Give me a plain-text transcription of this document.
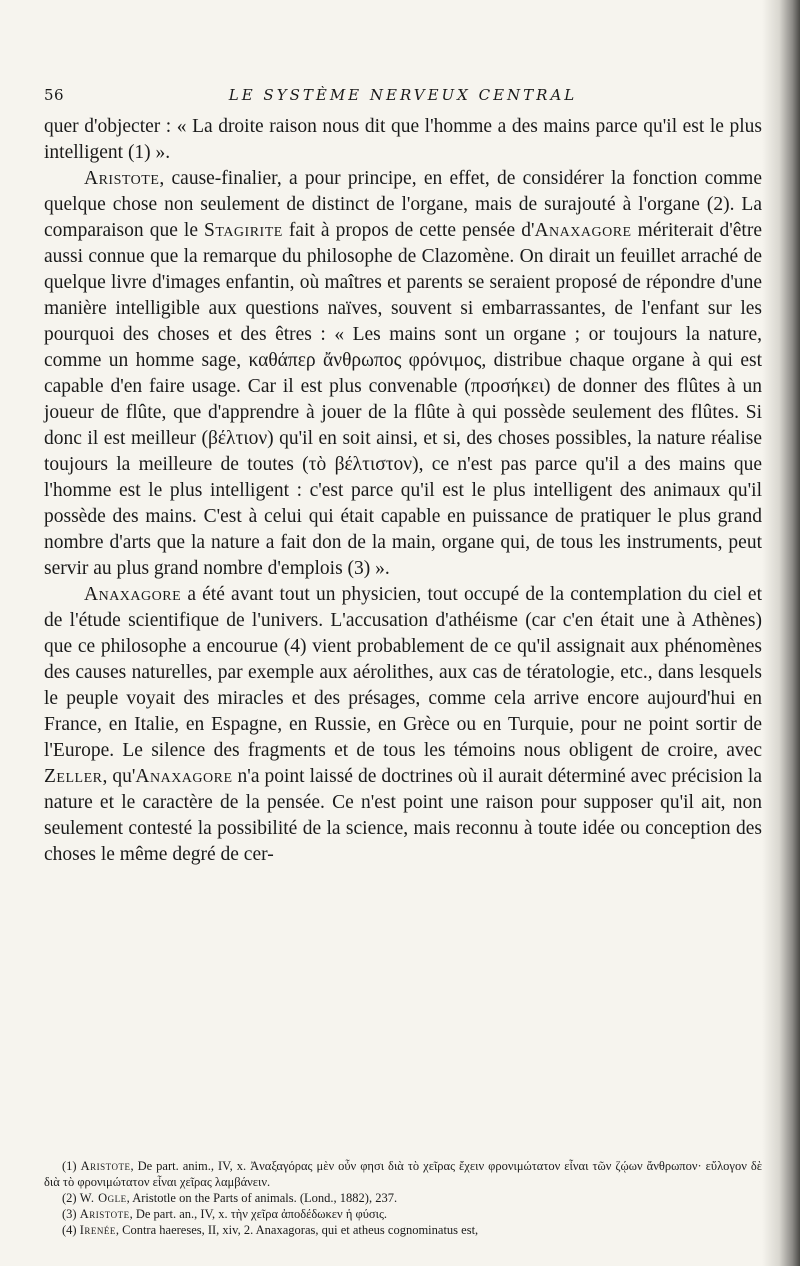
56	LE SYSTÈME NERVEUX CENTRAL

quer d'objecter : « La droite raison nous dit que l'homme a des mains parce qu'il est le plus intelligent (1) ».

Aristote, cause-finalier, a pour principe, en effet, de considérer la fonction comme quelque chose non seulement de distinct de l'organe, mais de surajouté à l'organe (2). La comparaison que le Stagirite fait à propos de cette pensée d'Anaxagore mériterait d'être aussi connue que la remarque du philosophe de Clazomène. On dirait un feuillet arraché de quelque livre d'images enfantin, où maîtres et parents se seraient proposé de répondre d'une manière intelligible aux questions naïves, souvent si embarrassantes, de l'enfant sur les pourquoi des choses et des êtres : « Les mains sont un organe ; or toujours la nature, comme un homme sage, καθάπερ ἄνθρωπος φρόνιμος, distribue chaque organe à qui est capable d'en faire usage. Car il est plus convenable (προσήκει) de donner des flûtes à un joueur de flûte, que d'apprendre à jouer de la flûte à qui possède seulement des flûtes. Si donc il est meilleur (βέλτιον) qu'il en soit ainsi, et si, des choses possibles, la nature réalise toujours la meilleure de toutes (τὸ βέλτιστον), ce n'est pas parce qu'il a des mains que l'homme est le plus intelligent : c'est parce qu'il est le plus intelligent des animaux qu'il possède des mains. C'est à celui qui était capable en puissance de pratiquer le plus grand nombre d'arts que la nature a fait don de la main, organe qui, de tous les instruments, peut servir au plus grand nombre d'emplois (3) ».

Anaxagore a été avant tout un physicien, tout occupé de la contemplation du ciel et de l'étude scientifique de l'univers. L'accusation d'athéisme (car c'en était une à Athènes) que ce philosophe a encourue (4) vient probablement de ce qu'il assignait aux phénomènes des causes naturelles, par exemple aux aérolithes, aux cas de tératologie, etc., dans lesquels le peuple voyait des miracles et des présages, comme cela arrive encore aujourd'hui en France, en Italie, en Espagne, en Russie, en Grèce ou en Turquie, pour ne point sortir de l'Europe. Le silence des fragments et de tous les témoins nous obligent de croire, avec Zeller, qu'Anaxagore n'a point laissé de doctrines où il aurait déterminé avec précision la nature et le caractère de la pensée. Ce n'est point une raison pour supposer qu'il ait, non seulement contesté la possibilité de la science, mais reconnu à toute idée ou conception des choses le même degré de cer-

(1) Aristote, De part. anim., IV, x. Ἀναξαγόρας μὲν οὖν φησι διὰ τὸ χεῖρας ἔχειν φρονιμώτατον εἶναι τῶν ζῴων ἄνθρωπον· εὔλογον δὲ διὰ τὸ φρονιμώτατον εἶναι χεῖρας λαμβάνειν.

(2) W. Ogle, Aristotle on the Parts of animals. (Lond., 1882), 237.

(3) Aristote, De part. an., IV, x. τὴν χεῖρα ἀποδέδωκεν ἡ φύσις.

(4) Irenée, Contra haereses, II, xiv, 2. Anaxagoras, qui et atheus cognominatus est,
